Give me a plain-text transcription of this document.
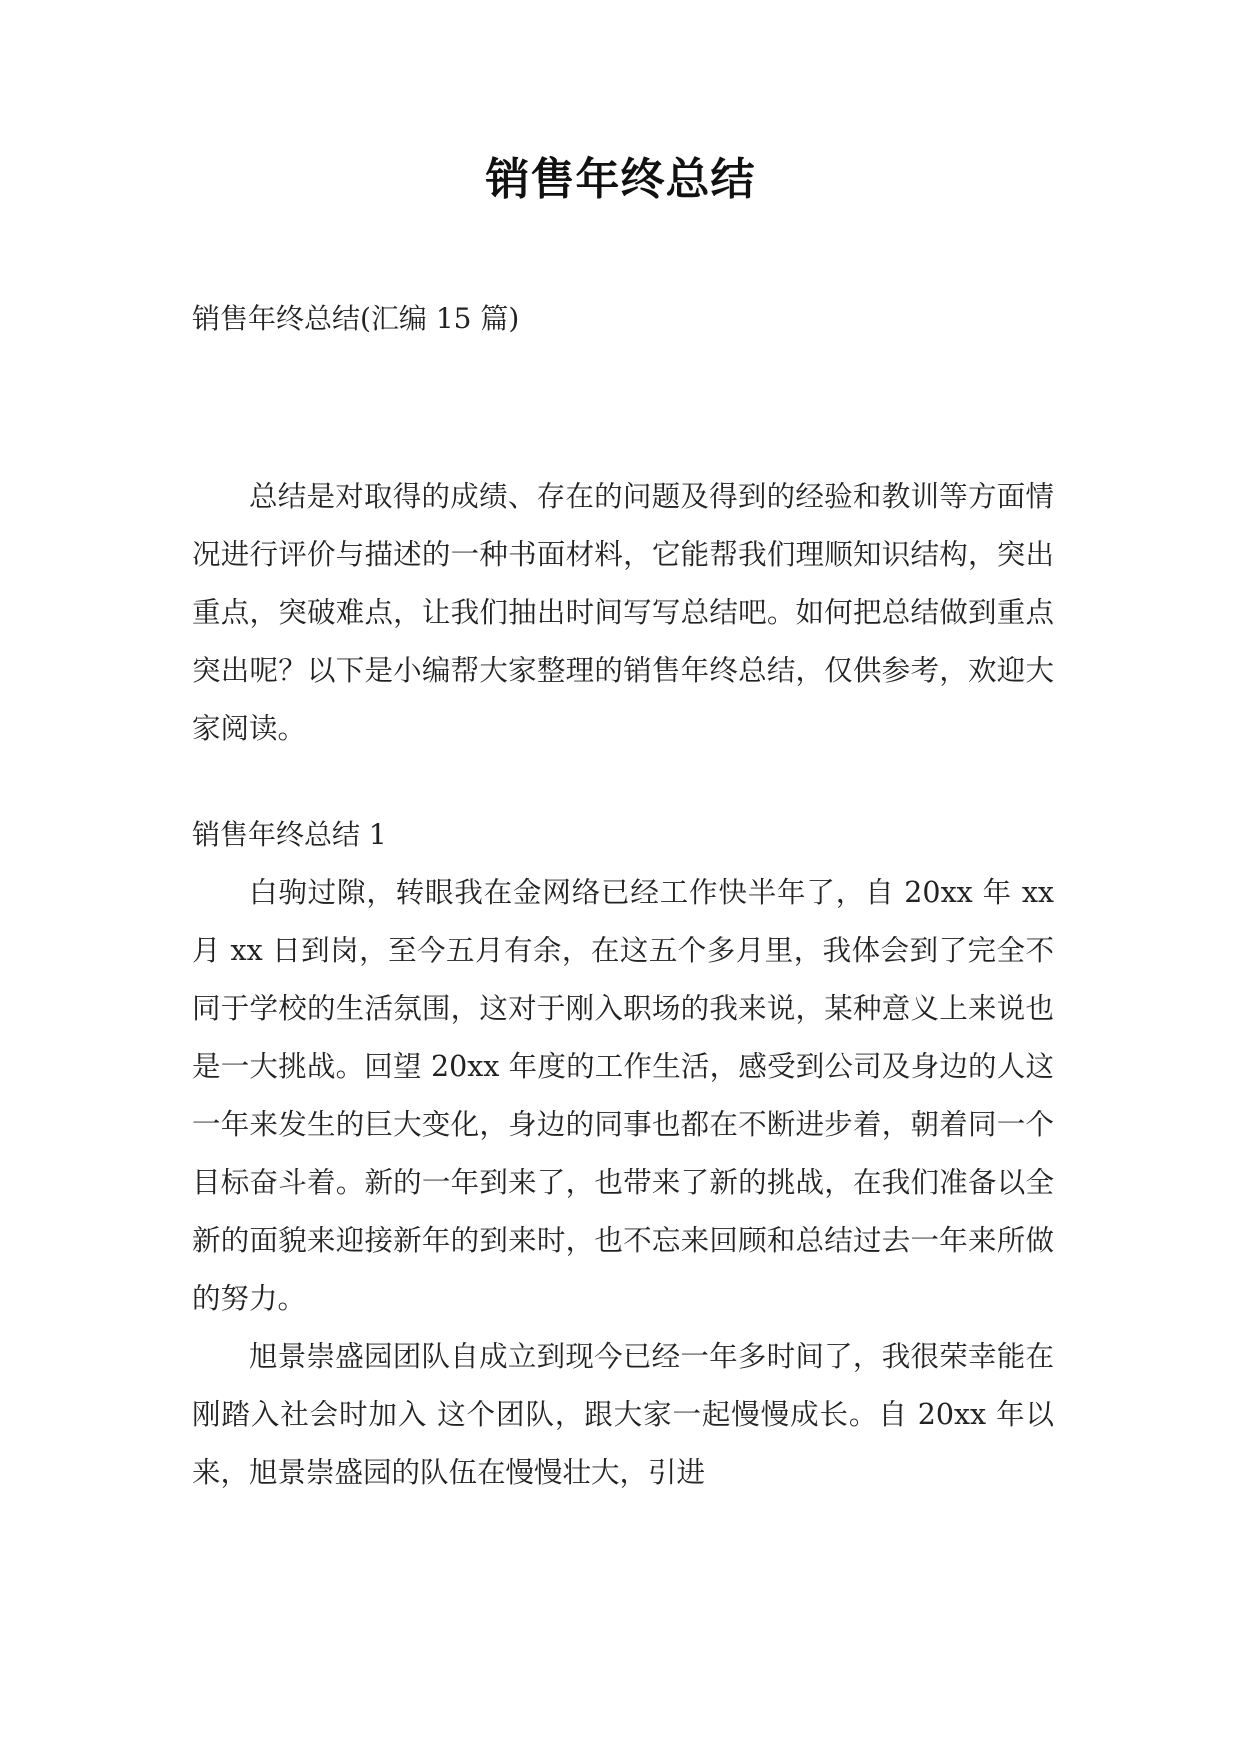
销售年终总结
销售年终总结(汇编 15 篇)

总结是对取得的成绩、存在的问题及得到的经验和教训等方面情况进行评价与描述的一种书面材料，它能帮我们理顺知识结构，突出重点，突破难点，让我们抽出时间写写总结吧。如何把总结做到重点突出呢？以下是小编帮大家整理的销售年终总结，仅供参考，欢迎大家阅读。

销售年终总结 1

白驹过隙，转眼我在金网络已经工作快半年了，自 20xx 年 xx 月 xx 日到岗，至今五月有余，在这五个多月里，我体会到了完全不同于学校的生活氛围，这对于刚入职场的我来说，某种意义上来说也是一大挑战。回望 20xx 年度的工作生活，感受到公司及身边的人这一年来发生的巨大变化，身边的同事也都在不断进步着，朝着同一个目标奋斗着。新的一年到来了，也带来了新的挑战，在我们准备以全新的面貌来迎接新年的到来时，也不忘来回顾和总结过去一年来所做的努力。

旭景崇盛园团队自成立到现今已经一年多时间了，我很荣幸能在刚踏入社会时加入 这个团队，跟大家一起慢慢成长。自 20xx 年以来，旭景崇盛园的队伍在慢慢壮大，引进
